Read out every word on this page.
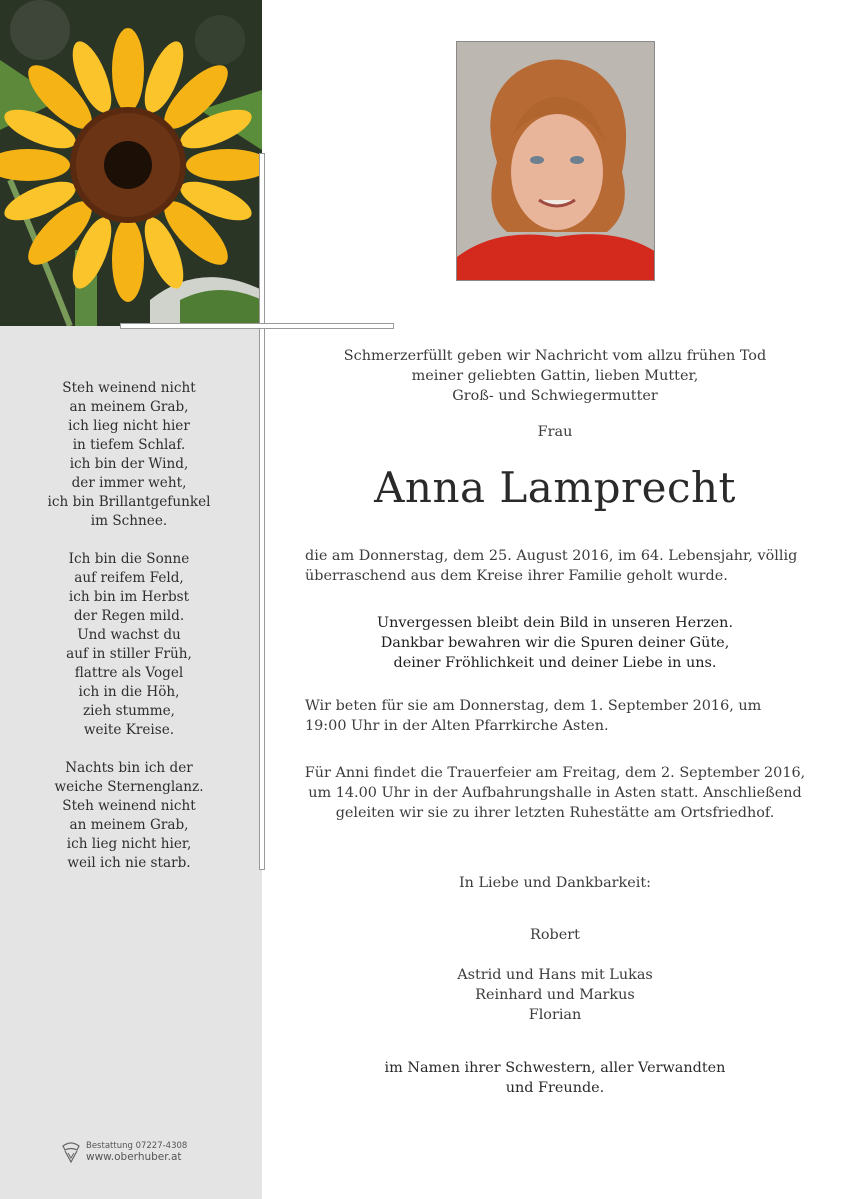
Steh weinend nicht
an meinem Grab,
ich lieg nicht hier
in tiefem Schlaf.
ich bin der Wind,
der immer weht,
ich bin Brillantgefunkel
im Schnee.
Ich bin die Sonne
auf reifem Feld,
ich bin im Herbst
der Regen mild.
Und wachst du
auf in stiller Früh,
flattre als Vogel
ich in die Höh,
zieh stumme,
weite Kreise.
Nachts bin ich der
weiche Sternenglanz.
Steh weinend nicht
an meinem Grab,
ich lieg nicht hier,
weil ich nie starb.
Bestattung 07227-4308
www.oberhuber.at
Schmerzerfüllt geben wir Nachricht vom allzu frühen Tod
meiner geliebten Gattin, lieben Mutter,
Groß- und Schwiegermutter
Frau
Anna Lamprecht
die am Donnerstag, dem 25. August 2016, im 64. Lebensjahr, völlig
überraschend aus dem Kreise ihrer Familie geholt wurde.
Unvergessen bleibt dein Bild in unseren Herzen.
Dankbar bewahren wir die Spuren deiner Güte,
deiner Fröhlichkeit und deiner Liebe in uns.
Wir beten für sie am Donnerstag, dem 1. September 2016, um
19:00 Uhr in der Alten Pfarrkirche Asten.
Für Anni findet die Trauerfeier am Freitag, dem 2. September 2016,
um 14.00 Uhr in der Aufbahrungshalle in Asten statt. Anschließend
geleiten wir sie zu ihrer letzten Ruhestätte am Ortsfriedhof.
In Liebe und Dankbarkeit:
Robert
Astrid und Hans mit Lukas
Reinhard und Markus
Florian
im Namen ihrer Schwestern, aller Verwandten
und Freunde.
